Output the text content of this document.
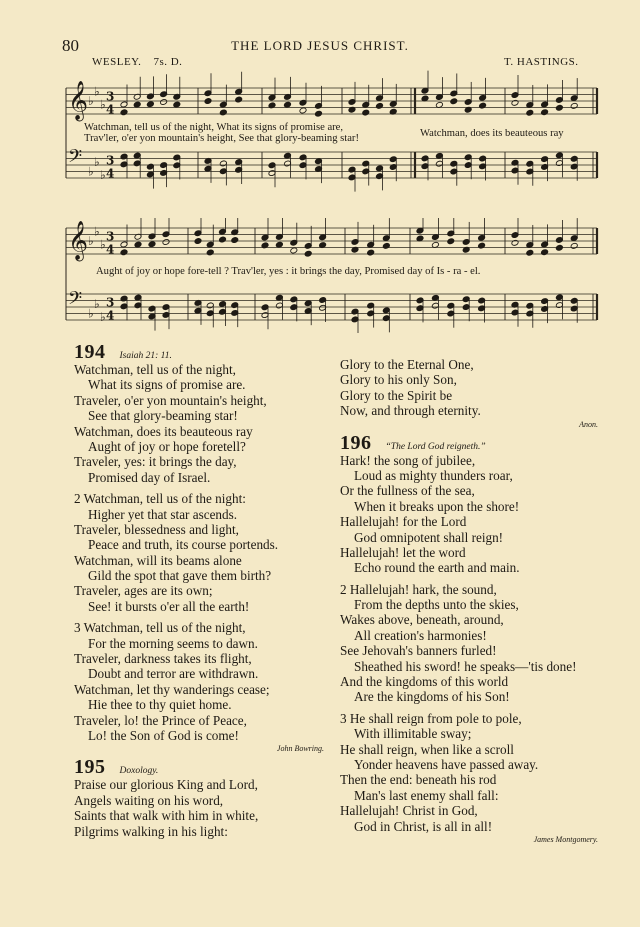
80	THE LORD JESUS CHRIST.
WESLEY. 7s. D.	T. HASTINGS.
𝄞 ♭
♭
♭
3
4
𝄢 ♭
♭
♭
3
4
𝄞 ♭
♭
♭
3
4
𝄢 ♭
♭
♭
3
4
Watchman, tell us of the night, What its signs of promise are,
Trav'ler, o'er yon mountain's height, See that glory-beaming star!	Watchman, does its beauteous ray
Aught of joy or hope fore-tell ? Trav'ler, yes : it brings the day, Promised day of Is - ra - el.
194 Isaiah 21: 11.
Watchman, tell us of the night,
What its signs of promise are.
Traveler, o'er yon mountain's height,
See that glory-beaming star!
Watchman, does its beauteous ray
Aught of joy or hope foretell?
Traveler, yes: it brings the day,
Promised day of Israel.
2 Watchman, tell us of the night:
Higher yet that star ascends.
Traveler, blessedness and light,
Peace and truth, its course portends.
Watchman, will its beams alone
Gild the spot that gave them birth?
Traveler, ages are its own;
See! it bursts o'er all the earth!
3 Watchman, tell us of the night,
For the morning seems to dawn.
Traveler, darkness takes its flight,
Doubt and terror are withdrawn.
Watchman, let thy wanderings cease;
Hie thee to thy quiet home.
Traveler, lo! the Prince of Peace,
Lo! the Son of God is come!
John Bowring.
195 Doxology.
Praise our glorious King and Lord,
Angels waiting on his word,
Saints that walk with him in white,
Pilgrims walking in his light:
Glory to the Eternal One,
Glory to his only Son,
Glory to the Spirit be
Now, and through eternity.
Anon.
196 “The Lord God reigneth.”
Hark! the song of jubilee,
Loud as mighty thunders roar,
Or the fullness of the sea,
When it breaks upon the shore!
Hallelujah! for the Lord
God omnipotent shall reign!
Hallelujah! let the word
Echo round the earth and main.
2 Hallelujah! hark, the sound,
From the depths unto the skies,
Wakes above, beneath, around,
All creation's harmonies!
See Jehovah's banners furled!
Sheathed his sword! he speaks—'tis done!
And the kingdoms of this world
Are the kingdoms of his Son!
3 He shall reign from pole to pole,
With illimitable sway;
He shall reign, when like a scroll
Yonder heavens have passed away.
Then the end: beneath his rod
Man's last enemy shall fall:
Hallelujah! Christ in God,
God in Christ, is all in all!
James Montgomery.
